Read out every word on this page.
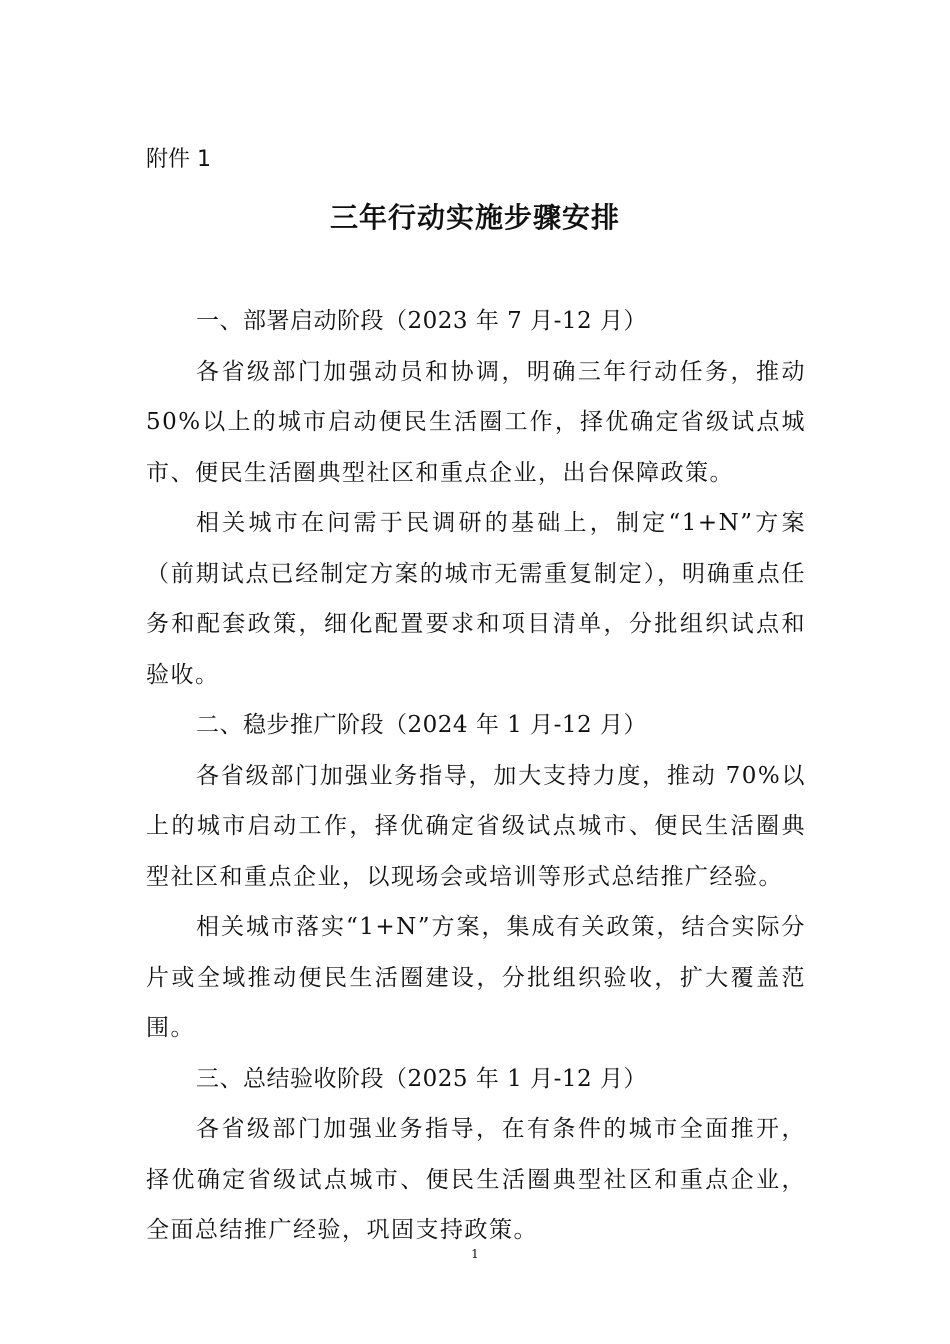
附件 1

三年行动实施步骤安排

一、部署启动阶段（2023 年 7 月-12 月）

各省级部门加强动员和协调，明确三年行动任务，推动50%以上的城市启动便民生活圈工作，择优确定省级试点城市、便民生活圈典型社区和重点企业，出台保障政策。

相关城市在问需于民调研的基础上，制定“1+N”方案（前期试点已经制定方案的城市无需重复制定），明确重点任务和配套政策，细化配置要求和项目清单，分批组织试点和验收。

二、稳步推广阶段（2024 年 1 月-12 月）

各省级部门加强业务指导，加大支持力度，推动 70%以上的城市启动工作，择优确定省级试点城市、便民生活圈典型社区和重点企业，以现场会或培训等形式总结推广经验。

相关城市落实“1+N”方案，集成有关政策，结合实际分片或全域推动便民生活圈建设，分批组织验收，扩大覆盖范围。

三、总结验收阶段（2025 年 1 月-12 月）

各省级部门加强业务指导，在有条件的城市全面推开，择优确定省级试点城市、便民生活圈典型社区和重点企业，全面总结推广经验，巩固支持政策。

1
